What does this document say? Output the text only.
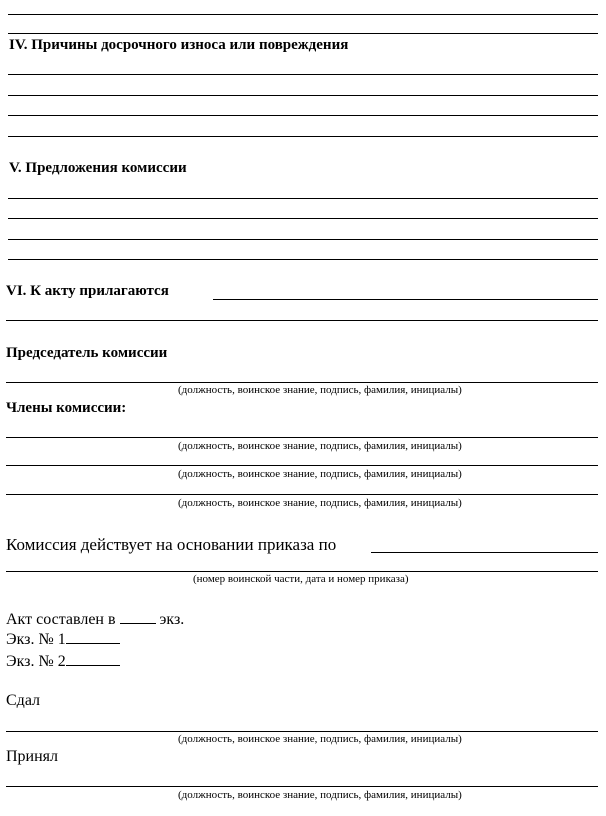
IV. Причины досрочного износа или повреждения
V. Предложения комиссии
VI. К акту прилагаются
Председатель комиссии
(должность, воинское знание, подпись, фамилия, инициалы)
Члены комиссии:
(должность, воинское знание, подпись, фамилия, инициалы)
(должность, воинское знание, подпись, фамилия, инициалы)
(должность, воинское знание, подпись, фамилия, инициалы)
Комиссия действует на основании приказа по
(номер воинской части, дата и номер приказа)
Акт составлен в	экз.
Экз. № 1
Экз. № 2
Сдал
(должность, воинское знание, подпись, фамилия, инициалы)
Принял
(должность, воинское знание, подпись, фамилия, инициалы)
